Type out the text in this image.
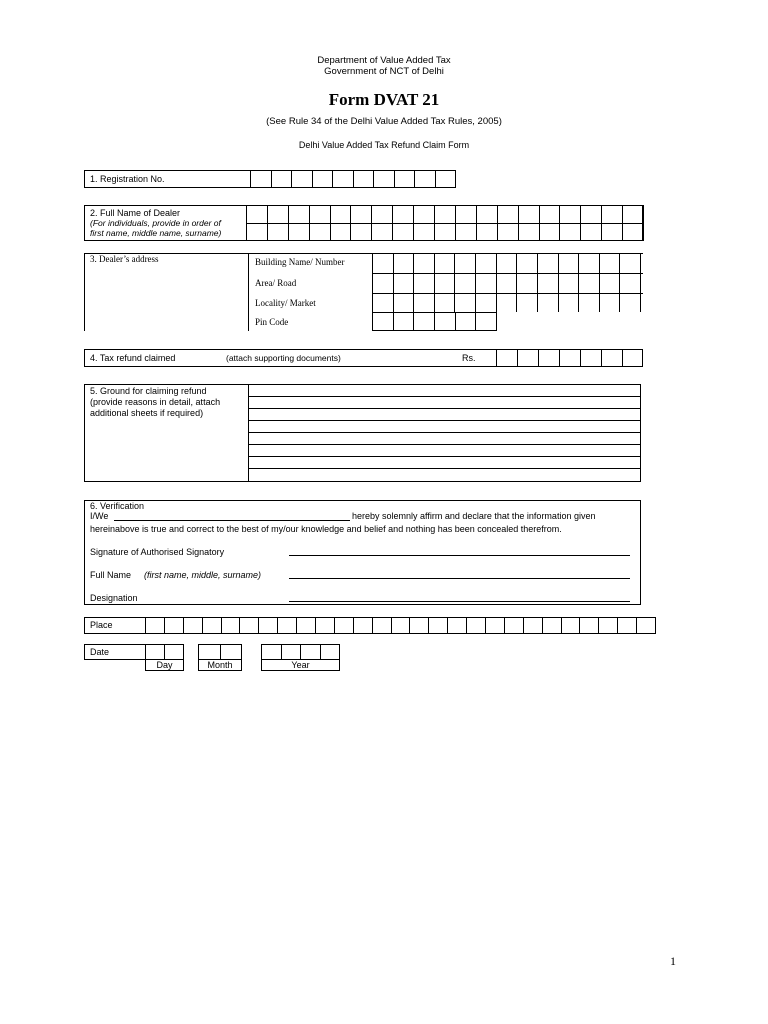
Department of Value Added Tax
Government of NCT of Delhi
Form DVAT 21
(See Rule 34 of the Delhi Value Added Tax Rules, 2005)
Delhi Value Added Tax Refund Claim Form
1. Registration No.
2. Full Name of Dealer
(For individuals, provide in order of
first name, middle name, surname)
3. Dealer’s address	Building Name/ Number
Area/ Road
Locality/ Market
Pin Code
4. Tax refund claimed	(attach supporting documents)	Rs.
5. Ground for claiming refund
(provide reasons in detail, attach
additional sheets if required)
6. Verification
I/We	hereby solemnly affirm and declare that the information given
hereinabove is true and correct to the best of my/our knowledge and belief and nothing has been concealed therefrom.
Signature of Authorised Signatory
Full Name (first name, middle, surname)
Designation
Place
Date
Day	Month	Year
1
